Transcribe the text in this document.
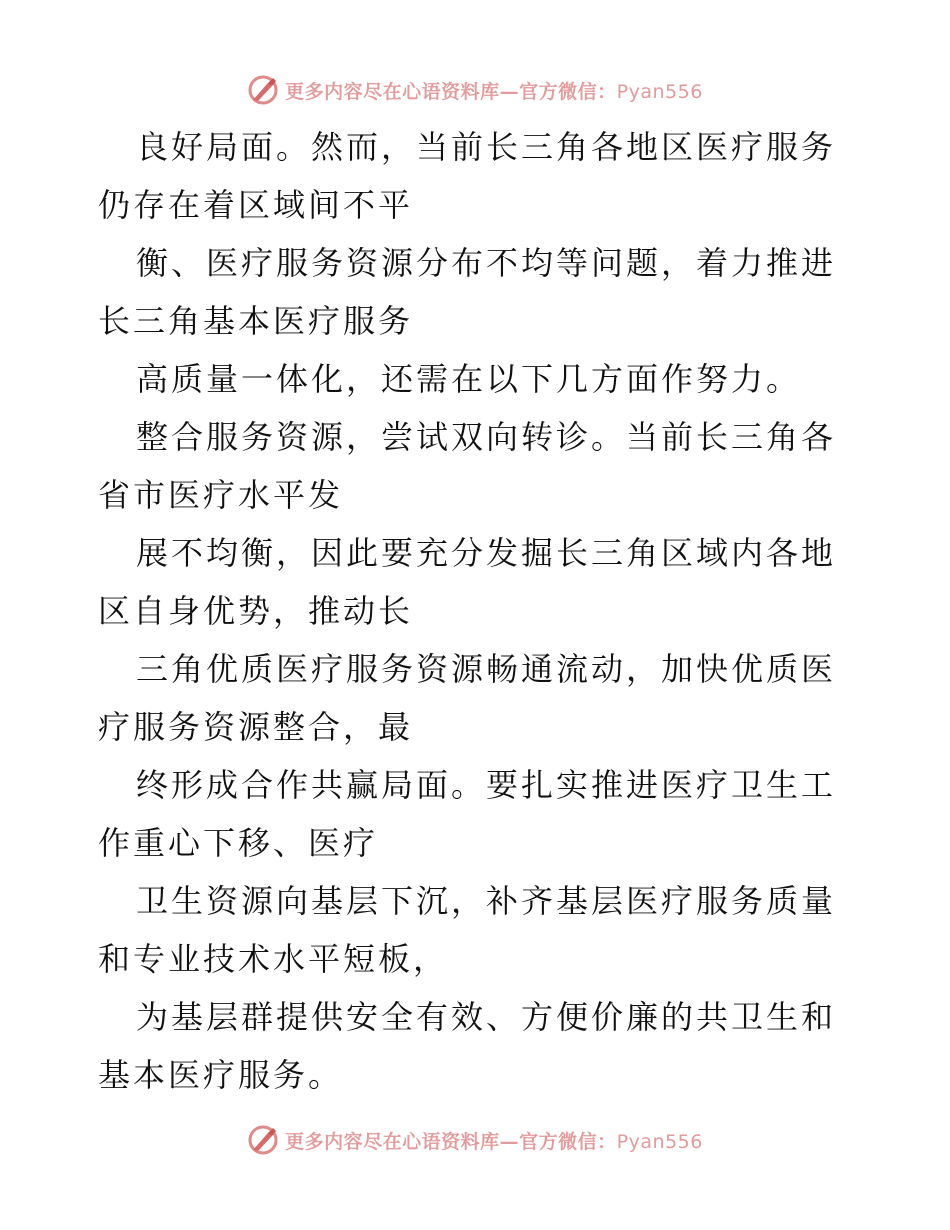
更多内容尽在心语资料库—官方微信：Pyan556

良好局面。然而，当前长三角各地区医疗服务仍存在着区域间不平

衡、医疗服务资源分布不均等问题，着力推进长三角基本医疗服务

高质量一体化，还需在以下几方面作努力。

整合服务资源，尝试双向转诊。当前长三角各省市医疗水平发

展不均衡，因此要充分发掘长三角区域内各地区自身优势，推动长

三角优质医疗服务资源畅通流动，加快优质医疗服务资源整合，最

终形成合作共赢局面。要扎实推进医疗卫生工作重心下移、医疗

卫生资源向基层下沉，补齐基层医疗服务质量和专业技术水平短板，

为基层群提供安全有效、方便价廉的共卫生和基本医疗服务。

更多内容尽在心语资料库—官方微信：Pyan556
